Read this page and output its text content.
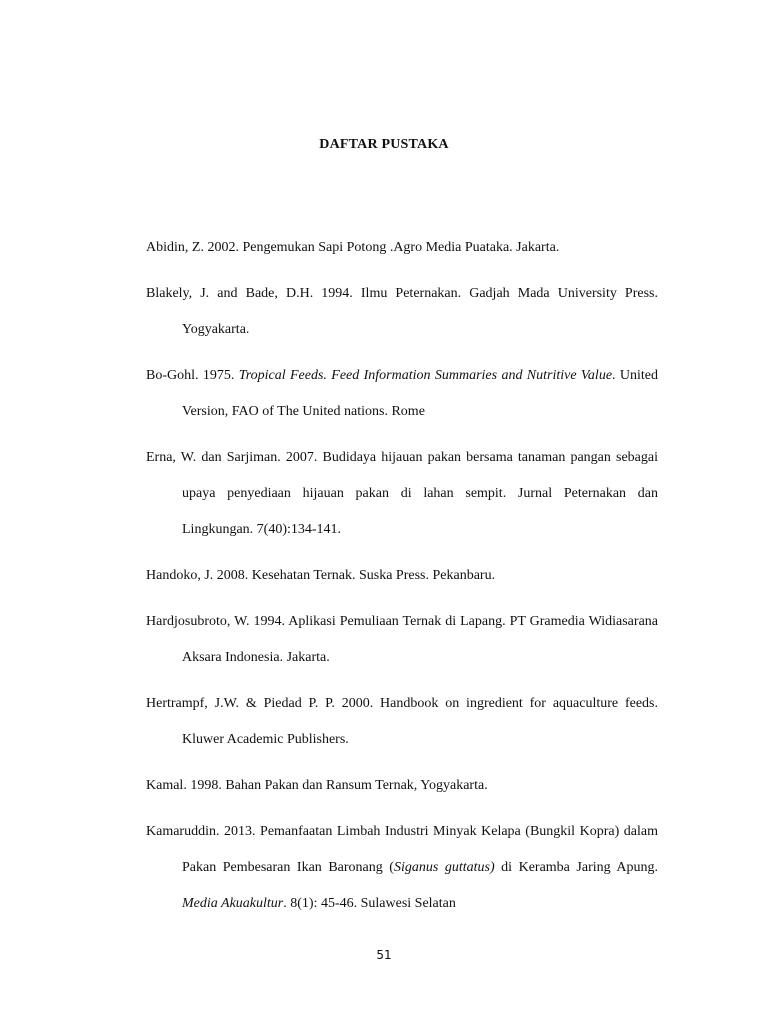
DAFTAR PUSTAKA

Abidin, Z. 2002. Pengemukan Sapi Potong .Agro Media Puataka. Jakarta.

Blakely, J. and Bade, D.H. 1994. Ilmu Peternakan. Gadjah Mada University Press. Yogyakarta.

Bo-Gohl. 1975. Tropical Feeds. Feed Information Summaries and Nutritive Value. United Version, FAO of The United nations. Rome

Erna, W. dan Sarjiman. 2007. Budidaya hijauan pakan bersama tanaman pangan sebagai upaya penyediaan hijauan pakan di lahan sempit. Jurnal Peternakan dan Lingkungan. 7(40):134-141.

Handoko, J. 2008. Kesehatan Ternak. Suska Press. Pekanbaru.

Hardjosubroto, W. 1994. Aplikasi Pemuliaan Ternak di Lapang. PT Gramedia Widiasarana Aksara Indonesia. Jakarta.

Hertrampf, J.W. & Piedad P. P. 2000. Handbook on ingredient for aquaculture feeds. Kluwer Academic Publishers.

Kamal. 1998. Bahan Pakan dan Ransum Ternak, Yogyakarta.

Kamaruddin. 2013. Pemanfaatan Limbah Industri Minyak Kelapa (Bungkil Kopra) dalam Pakan Pembesaran Ikan Baronang (Siganus guttatus) di Keramba Jaring Apung. Media Akuakultur. 8(1): 45-46. Sulawesi Selatan

51
